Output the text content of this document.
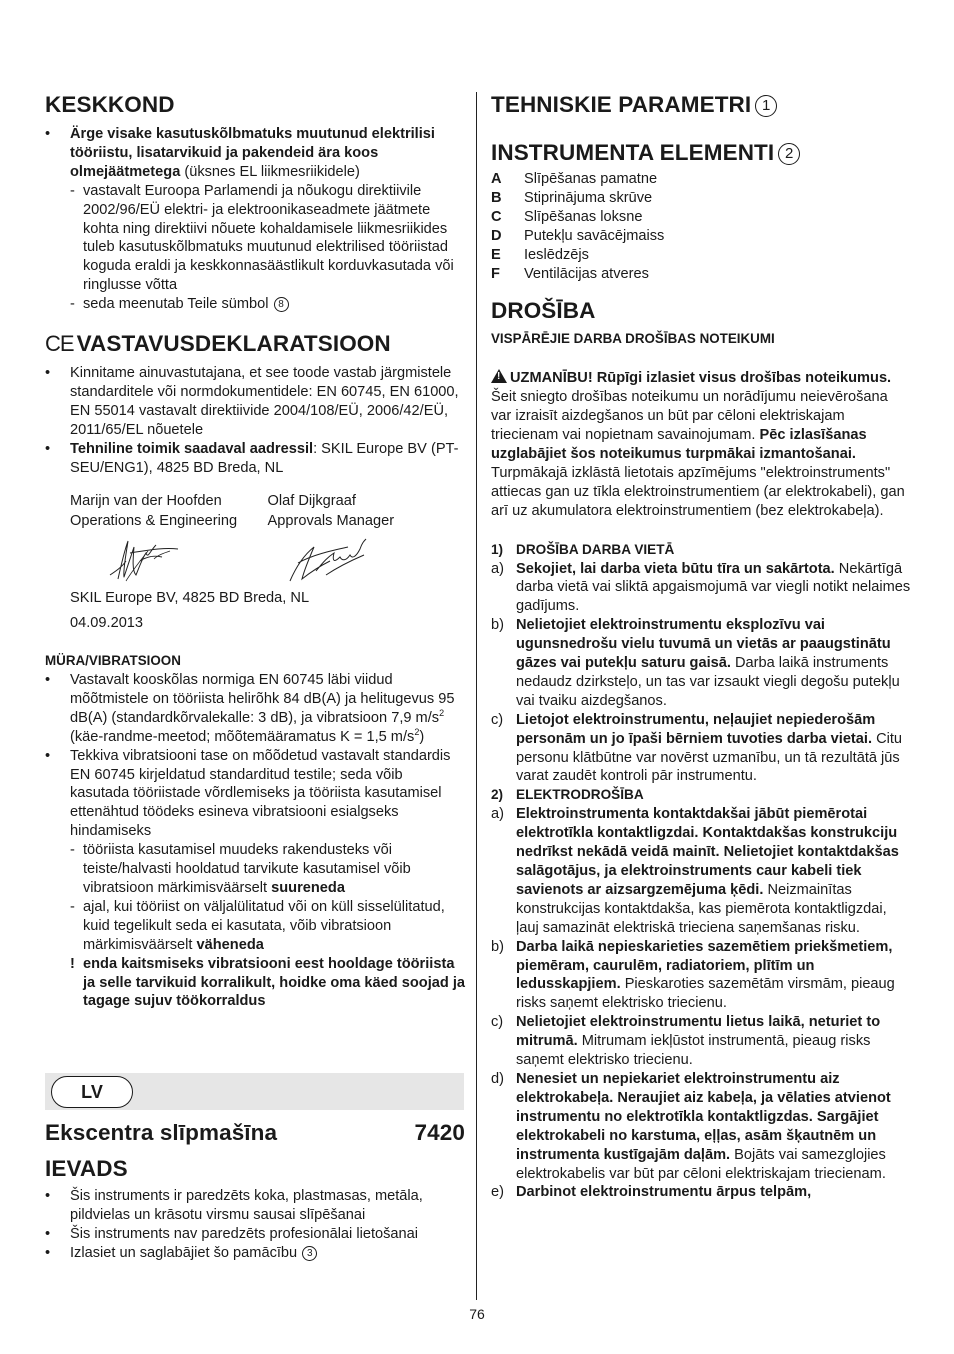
KESKKOND
• Ärge visake kasutuskõlbmatuks muutunud elektrilisi tööriistu, lisatarvikuid ja pakendeid ära koos olmejäätmetega (üksnes EL liikmesriikidele)
- vastavalt Euroopa Parlamendi ja nõukogu direktiivile 2002/96/EÜ elektri- ja elektroonikaseadmete jäätmete kohta ning direktiivi nõuete kohaldamisele liikmesriikides tuleb kasutuskõlbmatuks muutunud elektrilised tööriistad koguda eraldi ja keskkonnasäästlikult korduvkasutada või ringlusse võtta
- seda meenutab Teile sümbol 8
CE VASTAVUSDEKLARATSIOON
• Kinnitame ainuvastutajana, et see toode vastab järgmistele standarditele või normdokumentidele: EN 60745, EN 61000, EN 55014 vastavalt direktiivide 2004/108/EÜ, 2006/42/EÜ, 2011/65/EL nõuetele
• Tehniline toimik saadaval aadressil: SKIL Europe BV (PT-SEU/ENG1), 4825 BD Breda, NL

Marijn van der Hoofden

Operations & Engineering

Olaf Dijkgraaf

Approvals Manager

SKIL Europe BV, 4825 BD Breda, NL

04.09.2013

MÜRA/VIBRATSIOON

• Vastavalt kooskõlas normiga EN 60745 läbi viidud mõõtmistele on tööriista helirõhk 84 dB(A) ja helitugevus 95 dB(A) (standardkõrvalekalle: 3 dB), ja vibratsioon 7,9 $m/s^2$ (käe-randme-meetod; mõõtemääramatus K = 1,5 $m/s^2$)
• Tekkiva vibratsiooni tase on mõõdetud vastavalt standardis EN 60745 kirjeldatud standarditud testile; seda võib kasutada tööriistade võrdlemiseks ja tööriista kasutamisel ettenähtud töödeks esineva vibratsiooni esialgseks hindamiseks
- tööriista kasutamisel muudeks rakendusteks või teiste/halvasti hooldatud tarvikute kasutamisel võib vibratsioon märkimisväärselt suureneda
- ajal, kui tööriist on väljalülitatud või on küll sisselülitatud, kuid tegelikult seda ei kasutata, võib vibratsioon märkimisväärselt väheneda
! enda kaitsmiseks vibratsiooni eest hooldage tööriista ja selle tarvikuid korralikult, hoidke oma käed soojad ja tagage sujuv töökorraldus
LV
Ekscentra slīpmašīna	7420
IEVADS
• Šis instruments ir paredzēts koka, plastmasas, metāla, pildvielas un krāsotu virsmu sausai slīpēšanai
• Šis instruments nav paredzēts profesionālai lietošanai
• Izlasiet un saglabājiet šo pamācību 3
TEHNISKIE PARAMETRI 1
INSTRUMENTA ELEMENTI 2
A Slīpēšanas pamatne
B Stiprinājuma skrūve
C Slīpēšanas loksne
D Putekļu savācējmaiss
E Ieslēdzējs
F Ventilācijas atveres
DROŠĪBA

VISPĀRĒJIE DARBA DROŠĪBAS NOTEIKUMI

!UZMANĪBU! Rūpīgi izlasiet visus drošības noteikumus. Šeit sniegto drošības noteikumu un norādījumu neievērošana var izraisīt aizdegšanos un būt par cēloni elektriskajam triecienam vai nopietnam savainojumam. Pēc izlasīšanas uzglabājiet šos noteikumus turpmākai izmantošanai. Turpmākajā izklāstā lietotais apzīmējums "elektroinstruments" attiecas gan uz tīkla elektroinstrumentiem (ar elektrokabeli), gan arī uz akumulatora elektroinstrumentiem (bez elektrokabeļa).

1) DROŠĪBA DARBA VIETĀ
a) Sekojiet, lai darba vieta būtu tīra un sakārtota. Nekārtīgā darba vietā vai sliktā apgaismojumā var viegli notikt nelaimes gadījums.
b) Nelietojiet elektroinstrumentu eksplozīvu vai ugunsnedrošu vielu tuvumā un vietās ar paaugstinātu gāzes vai putekļu saturu gaisā. Darba laikā instruments nedaudz dzirksteļo, un tas var izsaukt viegli degošu putekļu vai tvaiku aizdegšanos.
c) Lietojot elektroinstrumentu, neļaujiet nepiederošām personām un jo īpaši bērniem tuvoties darba vietai. Citu personu klātbūtne var novērst uzmanību, un tā rezultātā jūs varat zaudēt kontroli pār instrumentu.
2) ELEKTRODROŠĪBA
a) Elektroinstrumenta kontaktdakšai jābūt piemērotai elektrotīkla kontaktligzdai. Kontaktdakšas konstrukciju nedrīkst nekādā veidā mainīt. Nelietojiet kontaktdakšas salāgotājus, ja elektroinstruments caur kabeli tiek savienots ar aizsargzemējuma ķēdi. Neizmainītas konstrukcijas kontaktdakša, kas piemērota kontaktligzdai, ļauj samazināt elektriskā trieciena saņemšanas risku.
b) Darba laikā nepieskarieties sazemētiem priekšmetiem, piemēram, caurulēm, radiatoriem, plītīm un ledusskapjiem. Pieskaroties sazemētām virsmām, pieaug risks saņemt elektrisko triecienu.
c) Nelietojiet elektroinstrumentu lietus laikā, neturiet to mitrumā. Mitrumam iekļūstot instrumentā, pieaug risks saņemt elektrisko triecienu.
d) Nenesiet un nepiekariet elektroinstrumentu aiz elektrokabeļa. Neraujiet aiz kabeļa, ja vēlaties atvienot instrumentu no elektrotīkla kontaktligzdas. Sargājiet elektrokabeli no karstuma, eļļas, asām šķautnēm un instrumenta kustīgajām daļām. Bojāts vai samezglojies elektrokabelis var būt par cēloni elektriskajam triecienam.
e) Darbinot elektroinstrumentu ārpus telpām,
76
